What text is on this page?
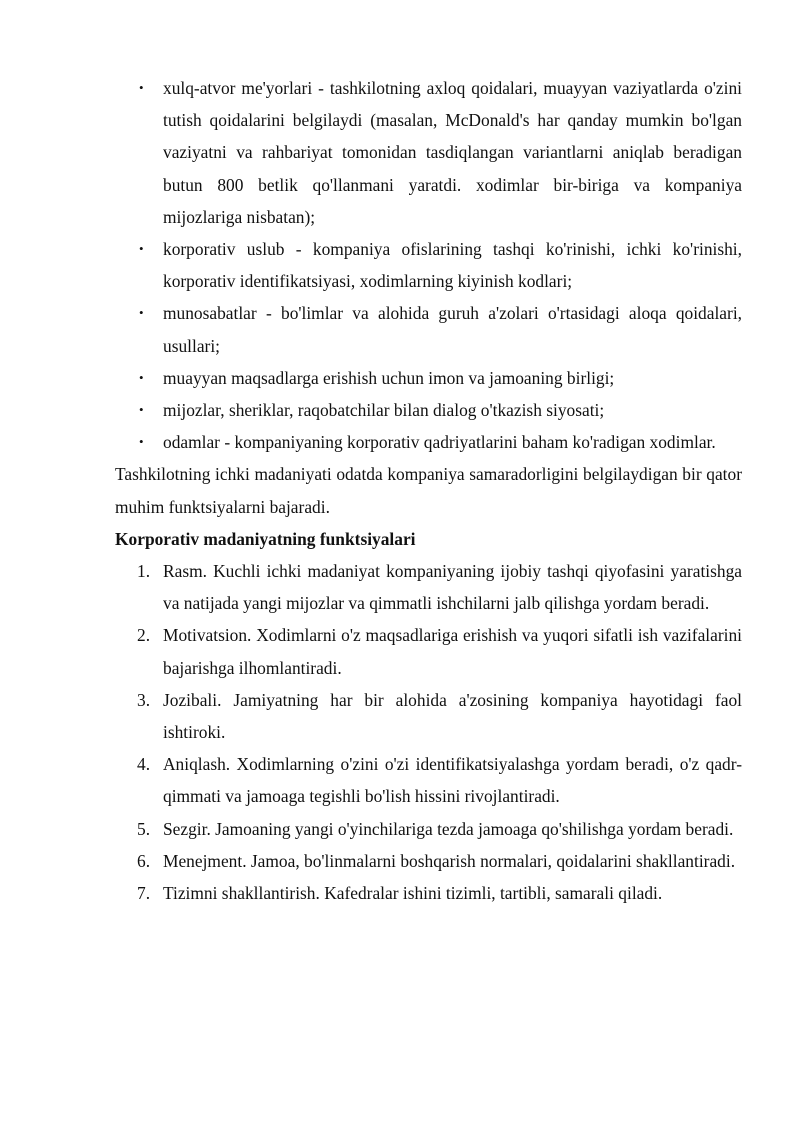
• xulq-atvor me'yorlari - tashkilotning axloq qoidalari, muayyan vaziyatlarda o'zini tutish qoidalarini belgilaydi (masalan, McDonald's har qanday mumkin bo'lgan vaziyatni va rahbariyat tomonidan tasdiqlangan variantlarni aniqlab beradigan butun 800 betlik qo'llanmani yaratdi. xodimlar bir-biriga va kompaniya mijozlariga nisbatan);
• korporativ uslub - kompaniya ofislarining tashqi ko'rinishi, ichki ko'rinishi, korporativ identifikatsiyasi, xodimlarning kiyinish kodlari;
• munosabatlar - bo'limlar va alohida guruh a'zolari o'rtasidagi aloqa qoidalari, usullari;
• muayyan maqsadlarga erishish uchun imon va jamoaning birligi;
• mijozlar, sheriklar, raqobatchilar bilan dialog o'tkazish siyosati;
• odamlar - kompaniyaning korporativ qadriyatlarini baham ko'radigan xodimlar.

Tashkilotning ichki madaniyati odatda kompaniya samaradorligini belgilaydigan bir qator muhim funktsiyalarni bajaradi.

Korporativ madaniyatning funktsiyalari
1. Rasm. Kuchli ichki madaniyat kompaniyaning ijobiy tashqi qiyofasini yaratishga va natijada yangi mijozlar va qimmatli ishchilarni jalb qilishga yordam beradi.
2. Motivatsion. Xodimlarni o'z maqsadlariga erishish va yuqori sifatli ish vazifalarini bajarishga ilhomlantiradi.
3. Jozibali. Jamiyatning har bir alohida a'zosining kompaniya hayotidagi faol ishtiroki.
4. Aniqlash. Xodimlarning o'zini o'zi identifikatsiyalashga yordam beradi, o'z qadr-qimmati va jamoaga tegishli bo'lish hissini rivojlantiradi.
5. Sezgir. Jamoaning yangi o'yinchilariga tezda jamoaga qo'shilishga yordam beradi.
6. Menejment. Jamoa, bo'linmalarni boshqarish normalari, qoidalarini shakllantiradi.
7. Tizimni shakllantirish. Kafedralar ishini tizimli, tartibli, samarali qiladi.
